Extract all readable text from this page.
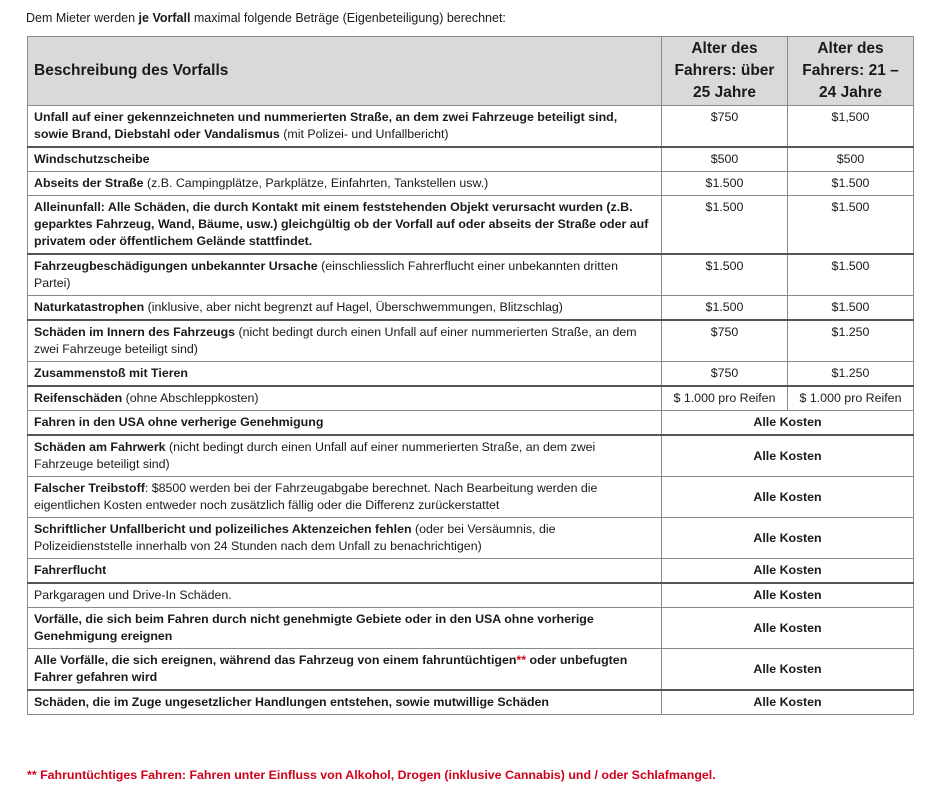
Dem Mieter werden je Vorfall maximal folgende Beträge (Eigenbeteiligung) berechnet:
Beschreibung des Vorfalls	Alter des Fahrers: über 25 Jahre	Alter des Fahrers: 21 – 24 Jahre
Unfall auf einer gekennzeichneten und nummerierten Straße, an dem zwei Fahrzeuge beteiligt sind, sowie Brand, Diebstahl oder Vandalismus (mit Polizei- und Unfallbericht)	$750	$1,500
Windschutzscheibe	$500	$500
Abseits der Straße (z.B. Campingplätze, Parkplätze, Einfahrten, Tankstellen usw.)	$1.500	$1.500
Alleinunfall: Alle Schäden, die durch Kontakt mit einem feststehenden Objekt verursacht wurden (z.B. geparktes Fahrzeug, Wand, Bäume, usw.) gleichgültig ob der Vorfall auf oder abseits der Straße oder auf privatem oder öffentlichem Gelände stattfindet.	$1.500	$1.500
Fahrzeugbeschädigungen unbekannter Ursache (einschliesslich Fahrerflucht einer unbekannten dritten Partei)	$1.500	$1.500
Naturkatastrophen (inklusive, aber nicht begrenzt auf Hagel, Überschwemmungen, Blitzschlag)	$1.500	$1.500
Schäden im Innern des Fahrzeugs (nicht bedingt durch einen Unfall auf einer nummerierten Straße, an dem zwei Fahrzeuge beteiligt sind)	$750	$1.250
Zusammenstoß mit Tieren	$750	$1.250
Reifenschäden (ohne Abschleppkosten)	$ 1.000 pro Reifen	$ 1.000 pro Reifen
Fahren in den USA ohne verherige Genehmigung	Alle Kosten	
Schäden am Fahrwerk (nicht bedingt durch einen Unfall auf einer nummerierten Straße, an dem zwei Fahrzeuge beteiligt sind)	Alle Kosten	
Falscher Treibstoff: $8500 werden bei der Fahrzeugabgabe berechnet. Nach Bearbeitung werden die eigentlichen Kosten entweder noch zusätzlich fällig oder die Differenz zurückerstattet	Alle Kosten	
Schriftlicher Unfallbericht und polizeiliches Aktenzeichen fehlen (oder bei Versäumnis, die Polizeidienststelle innerhalb von 24 Stunden nach dem Unfall zu benachrichtigen)	Alle Kosten	
Fahrerflucht	Alle Kosten	
Parkgaragen und Drive-In Schäden.	Alle Kosten	
Vorfälle, die sich beim Fahren durch nicht genehmigte Gebiete oder in den USA ohne vorherige Genehmigung ereignen	Alle Kosten	
Alle Vorfälle, die sich ereignen, während das Fahrzeug von einem fahruntüchtigen** oder unbefugten Fahrer gefahren wird	Alle Kosten	
Schäden, die im Zuge ungesetzlicher Handlungen entstehen, sowie mutwillige Schäden	Alle Kosten	
** Fahruntüchtiges Fahren: Fahren unter Einfluss von Alkohol, Drogen (inklusive Cannabis) und / oder Schlafmangel.
